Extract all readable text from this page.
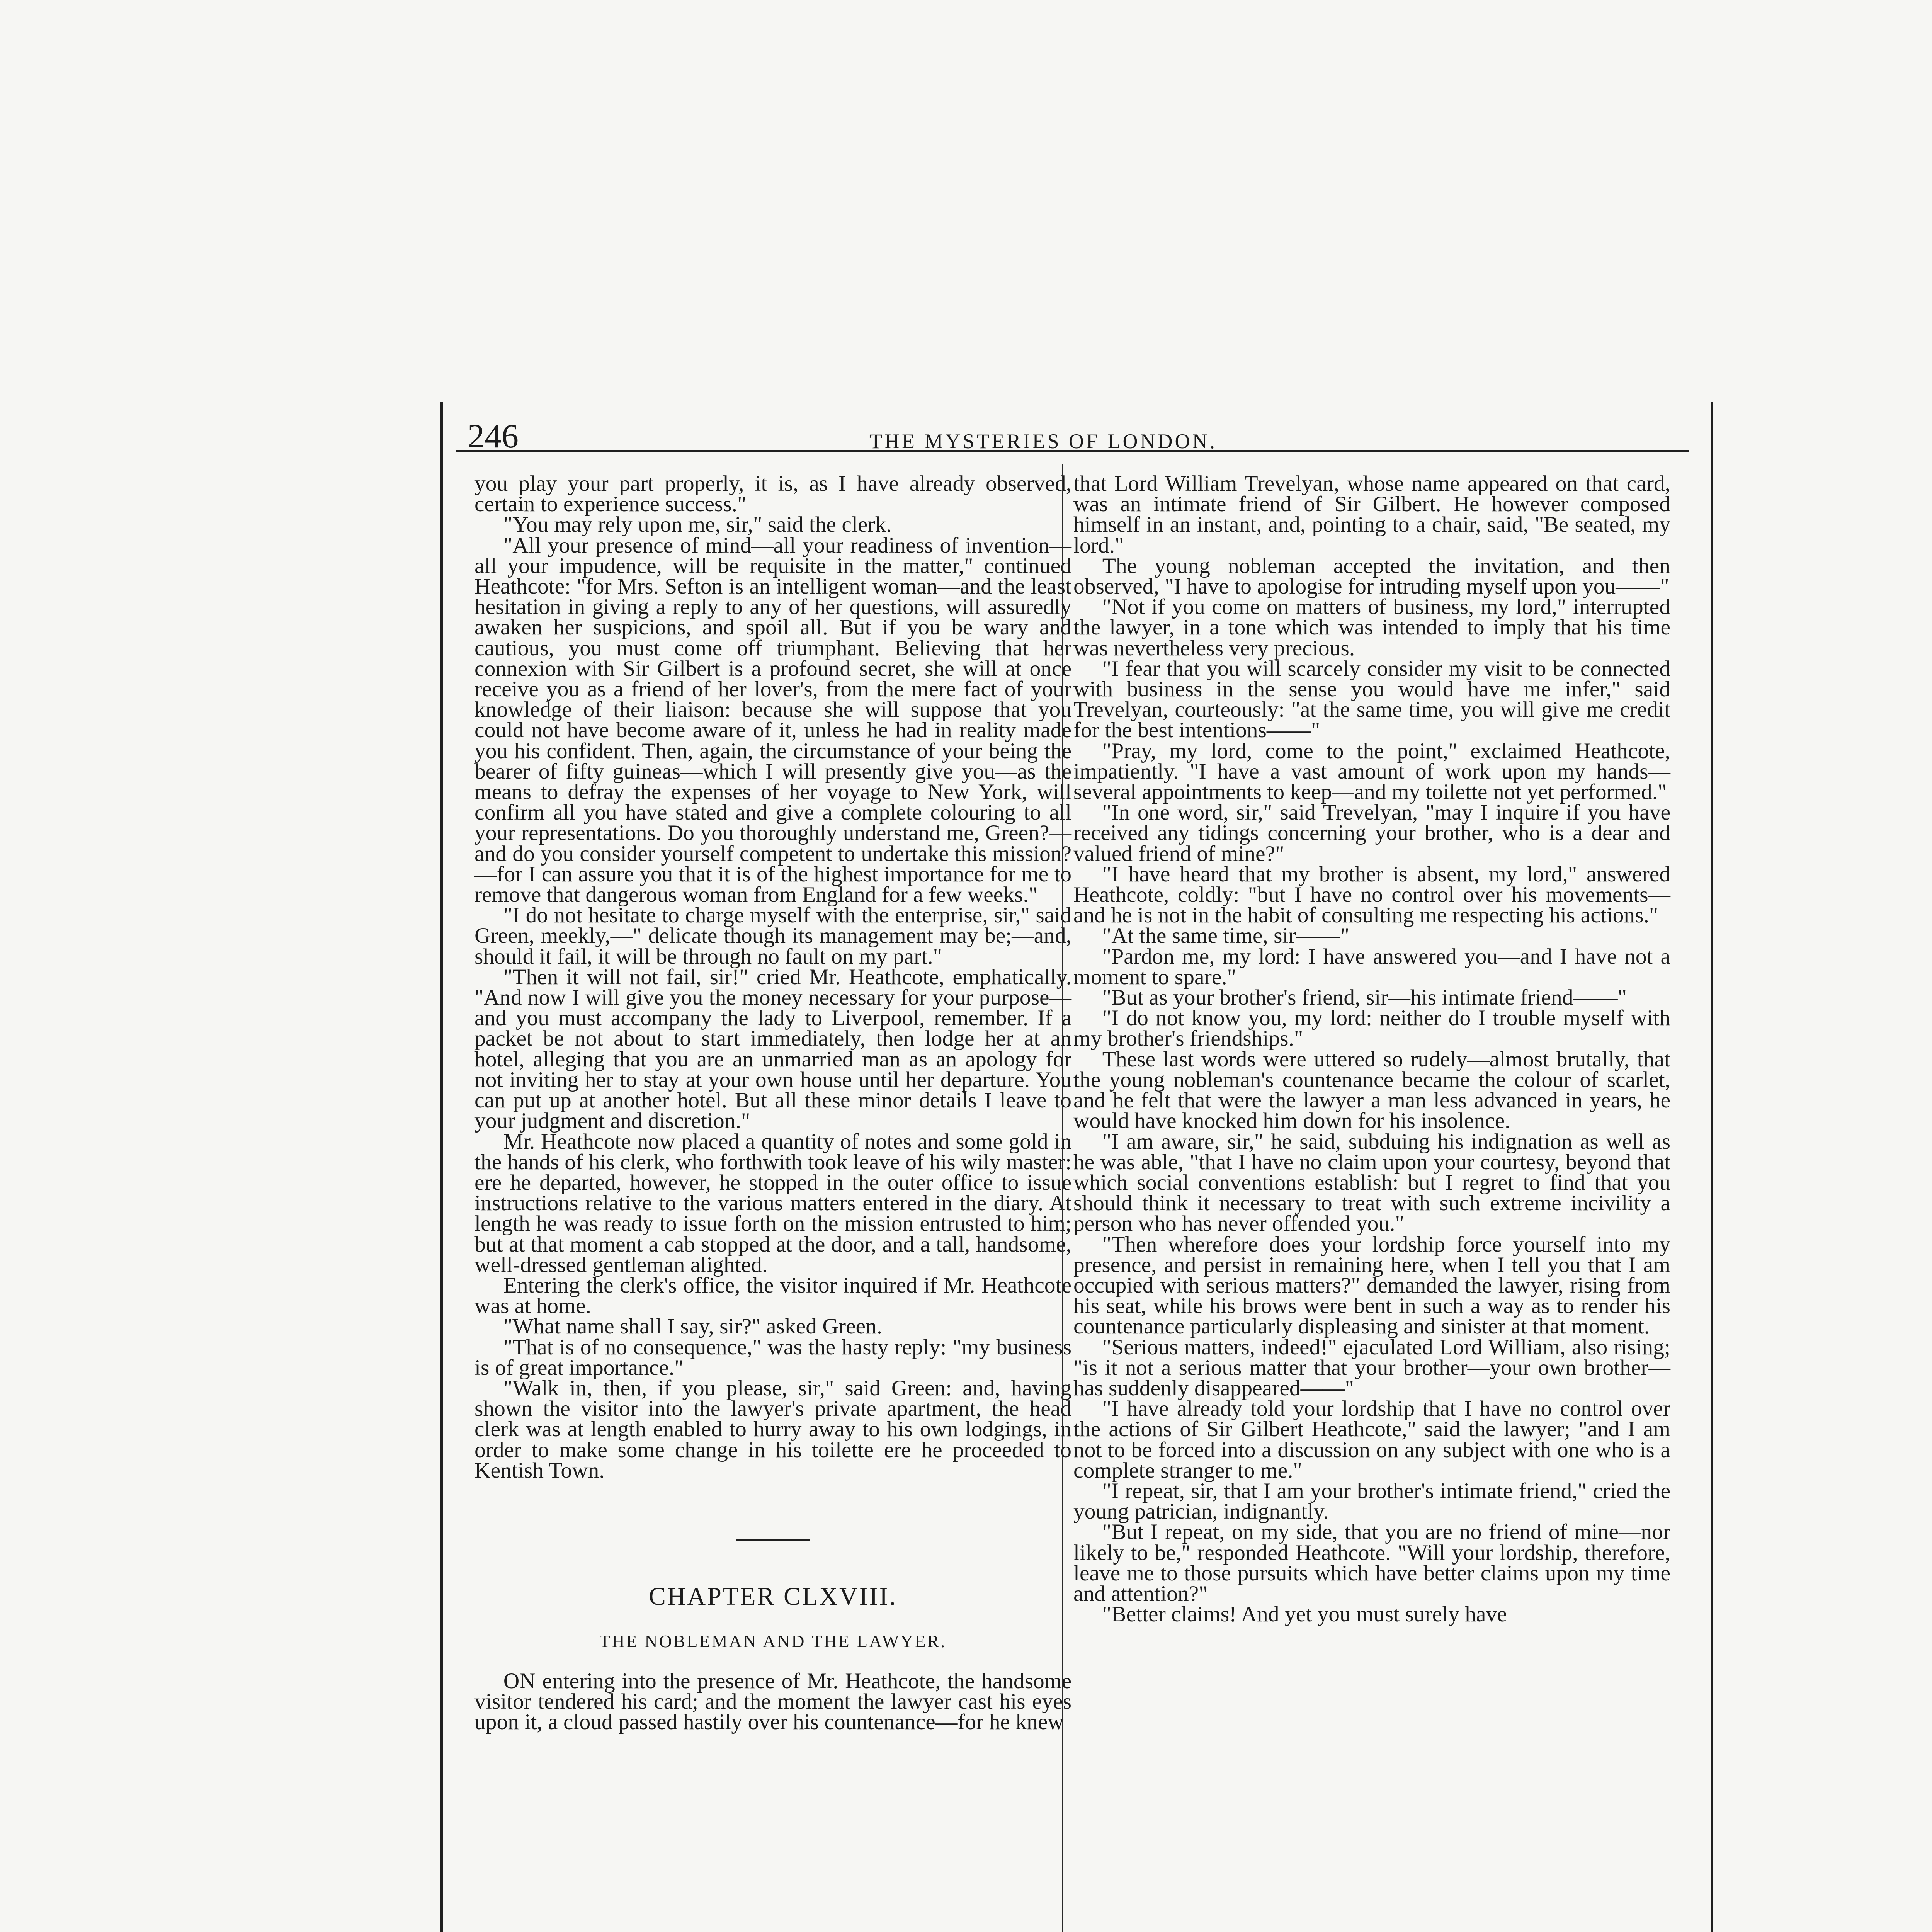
246	THE MYSTERIES OF LONDON.

you play your part properly, it is, as I have already observed, certain to experience success."

"You may rely upon me, sir," said the clerk.

"All your presence of mind—all your readiness of invention—all your impudence, will be requisite in the matter," continued Heathcote: "for Mrs. Sefton is an intelligent woman—and the least hesitation in giving a reply to any of her questions, will assuredly awaken her suspicions, and spoil all. But if you be wary and cautious, you must come off triumphant. Believing that her connexion with Sir Gilbert is a profound secret, she will at once receive you as a friend of her lover's, from the mere fact of your knowledge of their liaison: because she will suppose that you could not have become aware of it, unless he had in reality made you his confident. Then, again, the circumstance of your being the bearer of fifty guineas—which I will presently give you—as the means to defray the expenses of her voyage to New York, will confirm all you have stated and give a complete colouring to all your representations. Do you thoroughly understand me, Green?—and do you consider yourself competent to undertake this mission?—for I can assure you that it is of the highest importance for me to remove that dangerous woman from England for a few weeks."

"I do not hesitate to charge myself with the enterprise, sir," said Green, meekly,—" delicate though its management may be;—and, should it fail, it will be through no fault on my part."

"Then it will not fail, sir!" cried Mr. Heathcote, emphatically. "And now I will give you the money necessary for your purpose—and you must accompany the lady to Liverpool, remember. If a packet be not about to start immediately, then lodge her at an hotel, alleging that you are an unmarried man as an apology for not inviting her to stay at your own house until her departure. You can put up at another hotel. But all these minor details I leave to your judgment and discretion."

Mr. Heathcote now placed a quantity of notes and some gold in the hands of his clerk, who forthwith took leave of his wily master: ere he departed, however, he stopped in the outer office to issue instructions relative to the various matters entered in the diary. At length he was ready to issue forth on the mission entrusted to him; but at that moment a cab stopped at the door, and a tall, handsome, well-dressed gentleman alighted.

Entering the clerk's office, the visitor inquired if Mr. Heathcote was at home.

"What name shall I say, sir?" asked Green.

"That is of no consequence," was the hasty reply: "my business is of great importance."

"Walk in, then, if you please, sir," said Green: and, having shown the visitor into the lawyer's private apartment, the head clerk was at length enabled to hurry away to his own lodgings, in order to make some change in his toilette ere he proceeded to Kentish Town.

CHAPTER CLXVIII.
THE NOBLEMAN AND THE LAWYER.

ON entering into the presence of Mr. Heathcote, the handsome visitor tendered his card; and the moment the lawyer cast his eyes upon it, a cloud passed hastily over his countenance—for he knew

that Lord William Trevelyan, whose name appeared on that card, was an intimate friend of Sir Gilbert. He however composed himself in an instant, and, pointing to a chair, said, "Be seated, my lord."

The young nobleman accepted the invitation, and then observed, "I have to apologise for intruding myself upon you——"

"Not if you come on matters of business, my lord," interrupted the lawyer, in a tone which was intended to imply that his time was nevertheless very precious.

"I fear that you will scarcely consider my visit to be connected with business in the sense you would have me infer," said Trevelyan, courteously: "at the same time, you will give me credit for the best intentions——"

"Pray, my lord, come to the point," exclaimed Heathcote, impatiently. "I have a vast amount of work upon my hands—several appointments to keep—and my toilette not yet performed."

"In one word, sir," said Trevelyan, "may I inquire if you have received any tidings concerning your brother, who is a dear and valued friend of mine?"

"I have heard that my brother is absent, my lord," answered Heathcote, coldly: "but I have no control over his movements—and he is not in the habit of consulting me respecting his actions."

"At the same time, sir——"

"Pardon me, my lord: I have answered you—and I have not a moment to spare."

"But as your brother's friend, sir—his intimate friend——"

"I do not know you, my lord: neither do I trouble myself with my brother's friendships."

These last words were uttered so rudely—almost brutally, that the young nobleman's countenance became the colour of scarlet, and he felt that were the lawyer a man less advanced in years, he would have knocked him down for his insolence.

"I am aware, sir," he said, subduing his indignation as well as he was able, "that I have no claim upon your courtesy, beyond that which social conventions establish: but I regret to find that you should think it necessary to treat with such extreme incivility a person who has never offended you."

"Then wherefore does your lordship force yourself into my presence, and persist in remaining here, when I tell you that I am occupied with serious matters?" demanded the lawyer, rising from his seat, while his brows were bent in such a way as to render his countenance particularly displeasing and sinister at that moment.

"Serious matters, indeed!" ejaculated Lord William, also rising; "is it not a serious matter that your brother—your own brother—has suddenly disappeared——"

"I have already told your lordship that I have no control over the actions of Sir Gilbert Heathcote," said the lawyer; "and I am not to be forced into a discussion on any subject with one who is a complete stranger to me."

"I repeat, sir, that I am your brother's intimate friend," cried the young patrician, indignantly.

"But I repeat, on my side, that you are no friend of mine—nor likely to be," responded Heathcote. "Will your lordship, therefore, leave me to those pursuits which have better claims upon my time and attention?"

"Better claims! And yet you must surely have
